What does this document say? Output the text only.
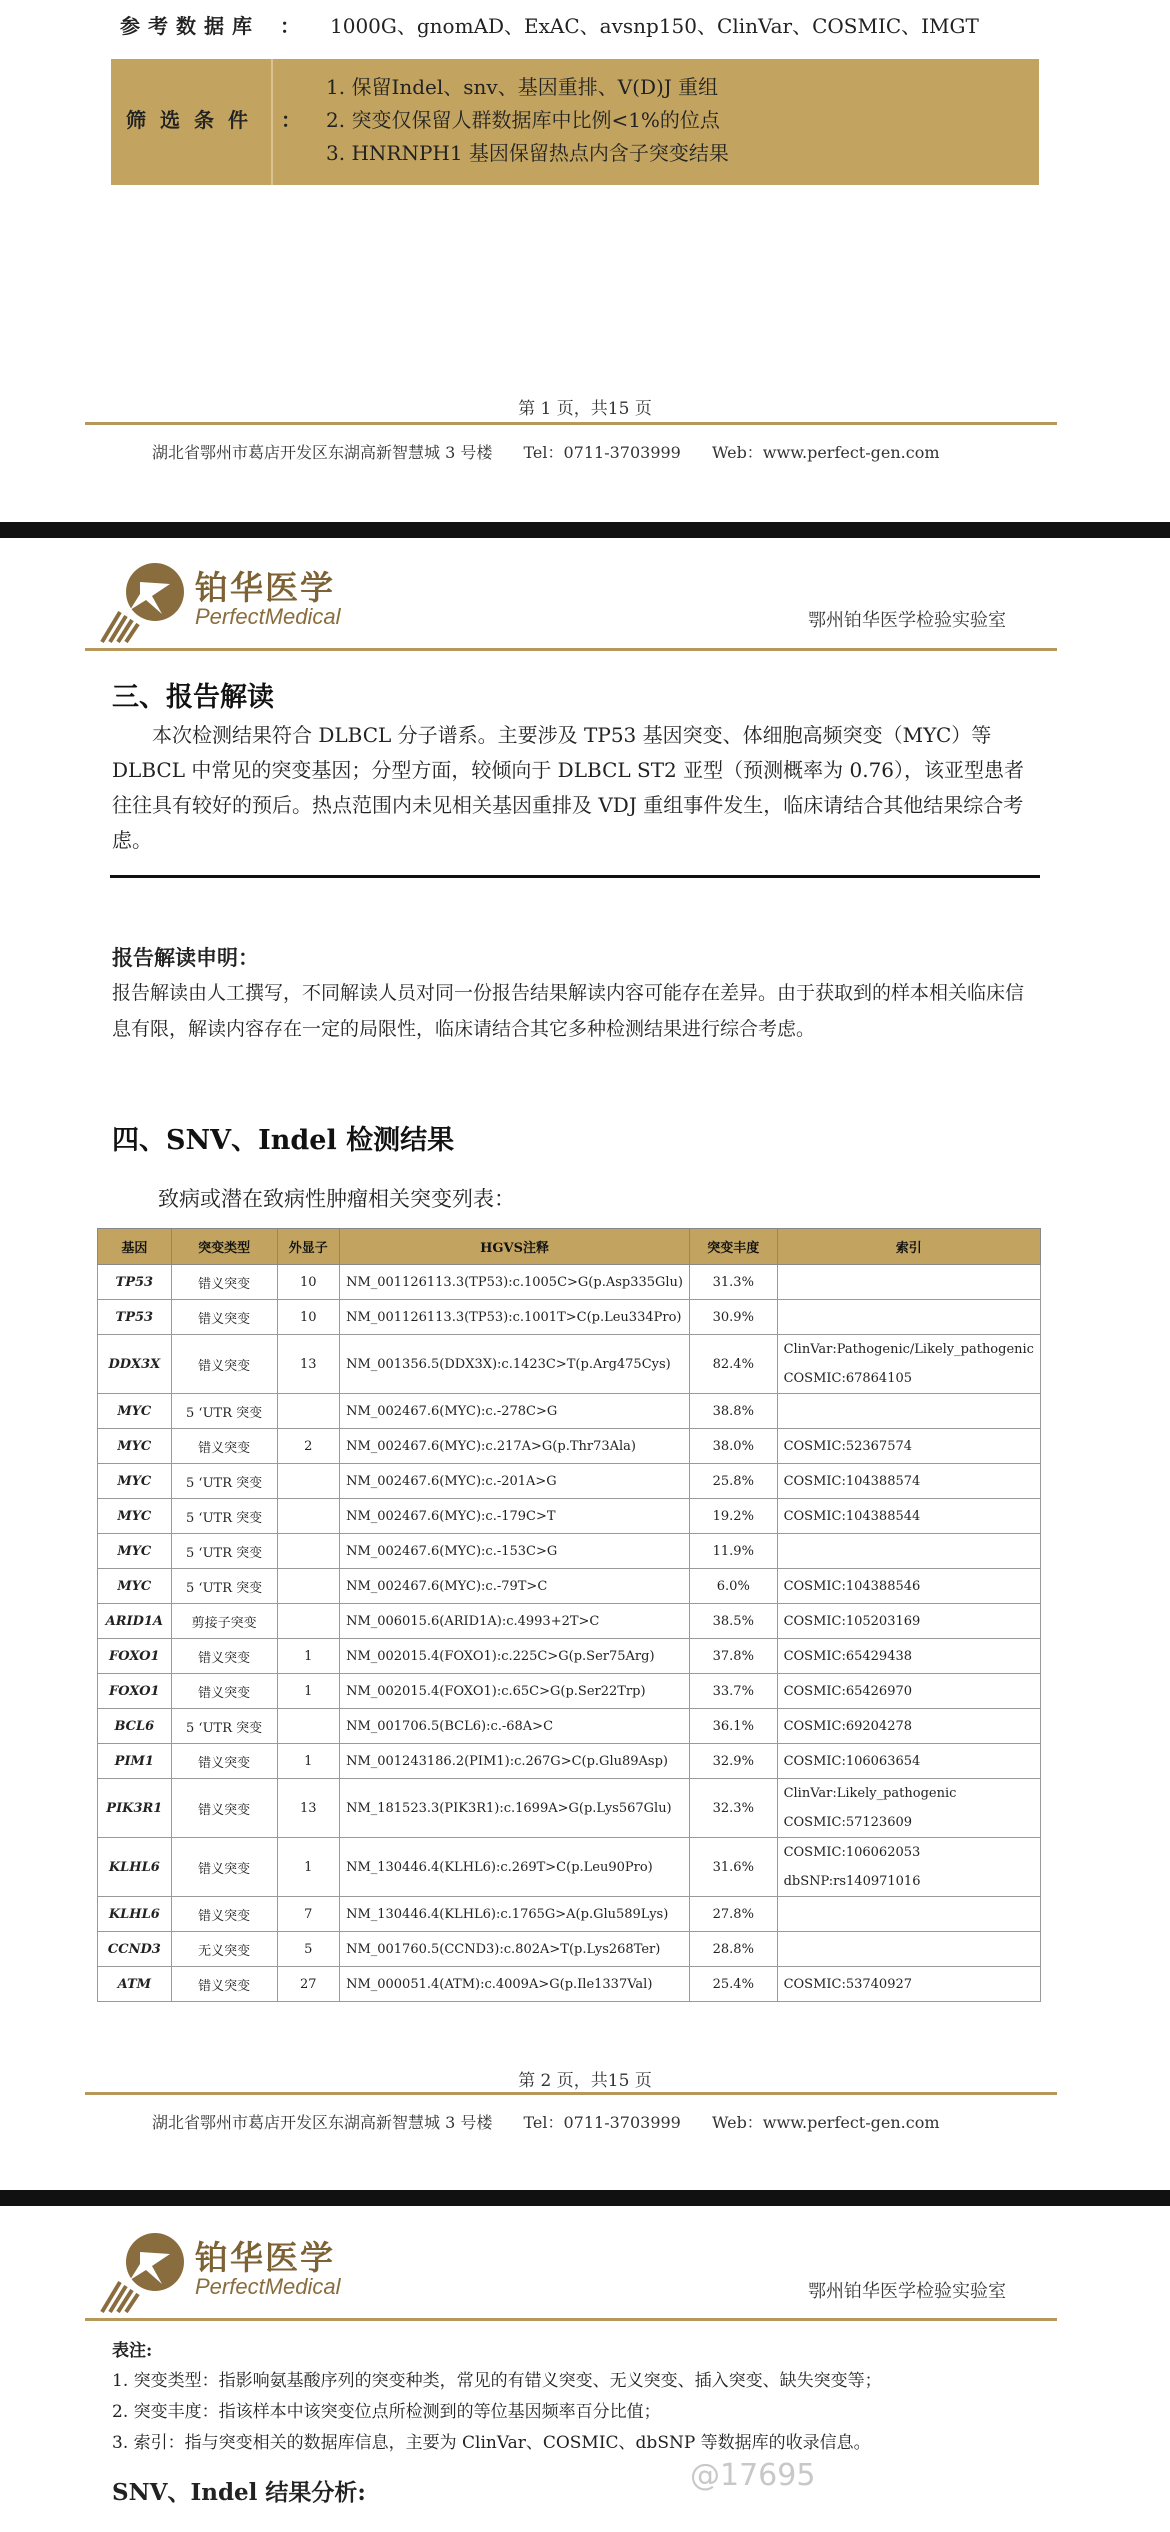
参考数据库	： 1000G、gnomAD、ExAC、avsnp150、ClinVar、COSMIC、IMGT
筛选条件 ：
1. 保留Indel、snv、基因重排、V(D)J 重组
2. 突变仅保留人群数据库中比例<1%的位点
3. HNRNPH1 基因保留热点内含子突变结果
第 1 页，共15 页
湖北省鄂州市葛店开发区东湖高新智慧城 3 号楼 Tel：0711-3703999 Web：www.perfect-gen.com
铂华医学
PerfectMedical	鄂州铂华医学检验实验室
三、报告解读
本次检测结果符合 DLBCL 分子谱系。主要涉及 TP53 基因突变、体细胞高频突变（MYC）等 DLBCL 中常见的突变基因；分型方面，较倾向于 DLBCL ST2 亚型（预测概率为 0.76），该亚型患者往往具有较好的预后。热点范围内未见相关基因重排及 VDJ 重组事件发生，临床请结合其他结果综合考虑。
报告解读申明：
报告解读由人工撰写，不同解读人员对同一份报告结果解读内容可能存在差异。由于获取到的样本相关临床信息有限，解读内容存在一定的局限性，临床请结合其它多种检测结果进行综合考虑。
四、SNV、Indel 检测结果
致病或潜在致病性肿瘤相关突变列表：
基因	突变类型	外显子	HGVS注释	突变丰度	索引
TP53	错义突变	10	NM_001126113.3(TP53):c.1005C>G(p.Asp335Glu)	31.3%	
TP53	错义突变	10	NM_001126113.3(TP53):c.1001T>C(p.Leu334Pro)	30.9%	
DDX3X	错义突变	13	NM_001356.5(DDX3X):c.1423C>T(p.Arg475Cys)	82.4%	ClinVar:Pathogenic/Likely_pathogenic
COSMIC:67864105

MYC	5 ‘UTR 突变		NM_002467.6(MYC):c.-278C>G	38.8%	
MYC	错义突变	2	NM_002467.6(MYC):c.217A>G(p.Thr73Ala)	38.0%	COSMIC:52367574

MYC	5 ‘UTR 突变		NM_002467.6(MYC):c.-201A>G	25.8%	COSMIC:104388574

MYC	5 ‘UTR 突变		NM_002467.6(MYC):c.-179C>T	19.2%	COSMIC:104388544

MYC	5 ‘UTR 突变		NM_002467.6(MYC):c.-153C>G	11.9%	
MYC	5 ‘UTR 突变		NM_002467.6(MYC):c.-79T>C	6.0%	COSMIC:104388546

ARID1A	剪接子突变		NM_006015.6(ARID1A):c.4993+2T>C	38.5%	COSMIC:105203169

FOXO1	错义突变	1	NM_002015.4(FOXO1):c.225C>G(p.Ser75Arg)	37.8%	COSMIC:65429438

FOXO1	错义突变	1	NM_002015.4(FOXO1):c.65C>G(p.Ser22Trp)	33.7%	COSMIC:65426970

BCL6	5 ‘UTR 突变		NM_001706.5(BCL6):c.-68A>C	36.1%	COSMIC:69204278

PIM1	错义突变	1	NM_001243186.2(PIM1):c.267G>C(p.Glu89Asp)	32.9%	COSMIC:106063654

PIK3R1	错义突变	13	NM_181523.3(PIK3R1):c.1699A>G(p.Lys567Glu)	32.3%	ClinVar:Likely_pathogenic
COSMIC:57123609

KLHL6	错义突变	1	NM_130446.4(KLHL6):c.269T>C(p.Leu90Pro)	31.6%	COSMIC:106062053
dbSNP:rs140971016

KLHL6	错义突变	7	NM_130446.4(KLHL6):c.1765G>A(p.Glu589Lys)	27.8%	
CCND3	无义突变	5	NM_001760.5(CCND3):c.802A>T(p.Lys268Ter)	28.8%	
ATM	错义突变	27	NM_000051.4(ATM):c.4009A>G(p.Ile1337Val)	25.4%	COSMIC:53740927
第 2 页，共15 页
湖北省鄂州市葛店开发区东湖高新智慧城 3 号楼 Tel：0711-3703999 Web：www.perfect-gen.com
铂华医学
PerfectMedical	鄂州铂华医学检验实验室
表注:
1. 突变类型：指影响氨基酸序列的突变种类，常见的有错义突变、无义突变、插入突变、缺失突变等；
2. 突变丰度：指该样本中该突变位点所检测到的等位基因频率百分比值；
3. 索引：指与突变相关的数据库信息，主要为 ClinVar、COSMIC、dbSNP 等数据库的收录信息。
SNV、Indel 结果分析:	@17695
